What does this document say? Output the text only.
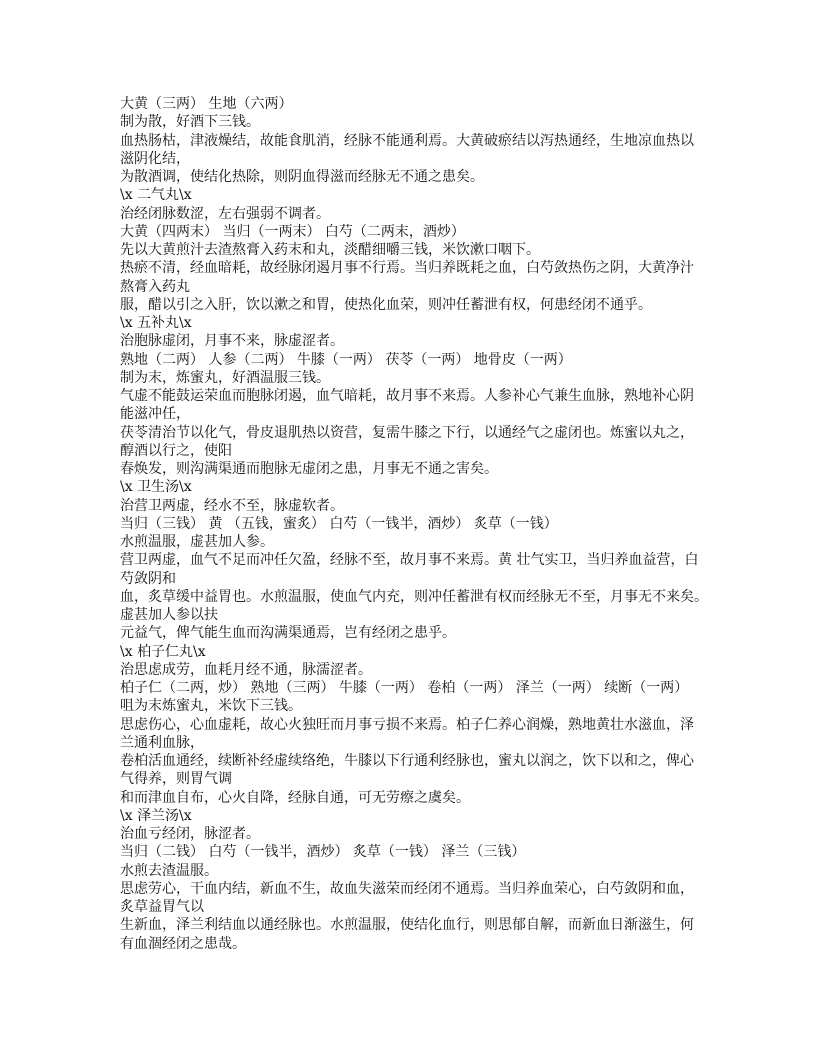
大黄（三两） 生地（六两）
制为散，好酒下三钱。
血热肠枯，津液燥结，故能食肌消，经脉不能通利焉。大黄破瘀结以泻热通经，生地凉血热以
滋阴化结，
为散酒调，使结化热除，则阴血得滋而经脉无不通之患矣。
\x 二气丸\x
治经闭脉数涩，左右强弱不调者。
大黄（四两末） 当归（一两末） 白芍（二两末，酒炒）
先以大黄煎汁去渣熬膏入药末和丸，淡醋细嚼三钱，米饮漱口咽下。
热瘀不清，经血暗耗，故经脉闭遏月事不行焉。当归养既耗之血，白芍敛热伤之阴，大黄净汁
熬膏入药丸
服，醋以引之入肝，饮以漱之和胃，使热化血荣，则冲任蓄泄有权，何患经闭不通乎。
\x 五补丸\x
治胞脉虚闭，月事不来，脉虚涩者。
熟地（二两） 人参（二两） 牛膝（一两） 茯苓（一两） 地骨皮（一两）
制为末，炼蜜丸，好酒温服三钱。
气虚不能鼓运荣血而胞脉闭遏，血气暗耗，故月事不来焉。人参补心气兼生血脉，熟地补心阴
能滋冲任，
茯苓清治节以化气，骨皮退肌热以资营，复需牛膝之下行，以通经气之虚闭也。炼蜜以丸之，
醇酒以行之，使阳
春焕发，则沟满渠通而胞脉无虚闭之患，月事无不通之害矣。
\x 卫生汤\x
治营卫两虚，经水不至，脉虚软者。
当归（三钱） 黄 （五钱，蜜炙） 白芍（一钱半，酒炒） 炙草（一钱）
水煎温服，虚甚加人参。
营卫两虚，血气不足而冲任欠盈，经脉不至，故月事不来焉。黄 壮气实卫，当归养血益营，白
芍敛阴和
血，炙草缓中益胃也。水煎温服，使血气内充，则冲任蓄泄有权而经脉无不至，月事无不来矣。
虚甚加人参以扶
元益气，俾气能生血而沟满渠通焉，岂有经闭之患乎。
\x 柏子仁丸\x
治思虑成劳，血耗月经不通，脉濡涩者。
柏子仁（二两，炒） 熟地（三两） 牛膝（一两） 卷柏（一两） 泽兰（一两） 续断（一两）
咀为末炼蜜丸，米饮下三钱。
思虑伤心，心血虚耗，故心火独旺而月事亏损不来焉。柏子仁养心润燥，熟地黄壮水滋血，泽
兰通利血脉，
卷柏活血通经，续断补经虚续络绝，牛膝以下行通利经脉也，蜜丸以润之，饮下以和之，俾心
气得养，则胃气调
和而津血自布，心火自降，经脉自通，可无劳瘵之虞矣。
\x 泽兰汤\x
治血亏经闭，脉涩者。
当归（二钱） 白芍（一钱半，酒炒） 炙草（一钱） 泽兰（三钱）
水煎去渣温服。
思虑劳心，干血内结，新血不生，故血失滋荣而经闭不通焉。当归养血荣心，白芍敛阴和血，
炙草益胃气以
生新血，泽兰利结血以通经脉也。水煎温服，使结化血行，则思郁自解，而新血日渐滋生，何
有血涸经闭之患哉。
